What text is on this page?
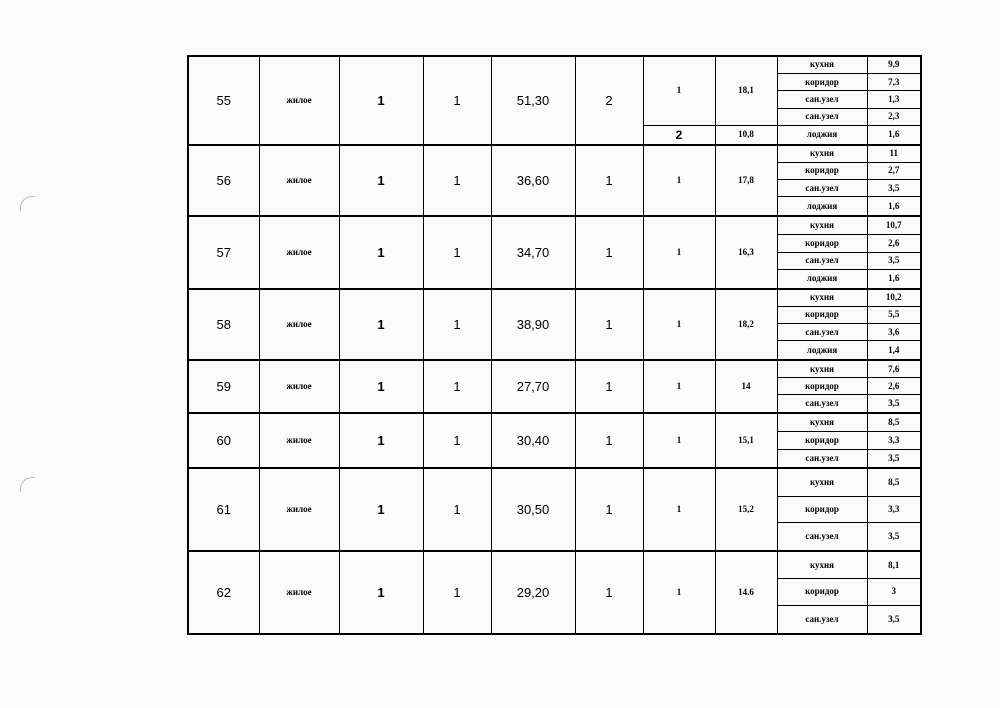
55	жилое	1	1	51,30	2	1	18,1	кухня	9,9
								коридор	7,3
								сан.узел	1,3
								сан.узел	2,3
						2	10,8	лоджия	1,6
56	жилое	1	1	36,60	1	1	17,8	кухня	11
								коридор	2,7
								сан.узел	3,5
								лоджия	1,6
57	жилое	1	1	34,70	1	1	16,3	кухня	10,7
								коридор	2,6
								сан.узел	3,5
								лоджия	1,6
58	жилое	1	1	38,90	1	1	18,2	кухня	10,2
								коридор	5,5
								сан.узел	3,6
								лоджия	1,4
59	жилое	1	1	27,70	1	1	14	кухня	7,6
								коридор	2,6
								сан.узел	3,5
60	жилое	1	1	30,40	1	1	15,1	кухня	8,5
								коридор	3,3
								сан.узел	3,5
61	жилое	1	1	30,50	1	1	15,2	кухня	8,5
								коридор	3,3
								сан.узел	3,5
62	жилое	1	1	29,20	1	1	14.6	кухня	8,1
								коридор	3
								сан.узел	3,5
